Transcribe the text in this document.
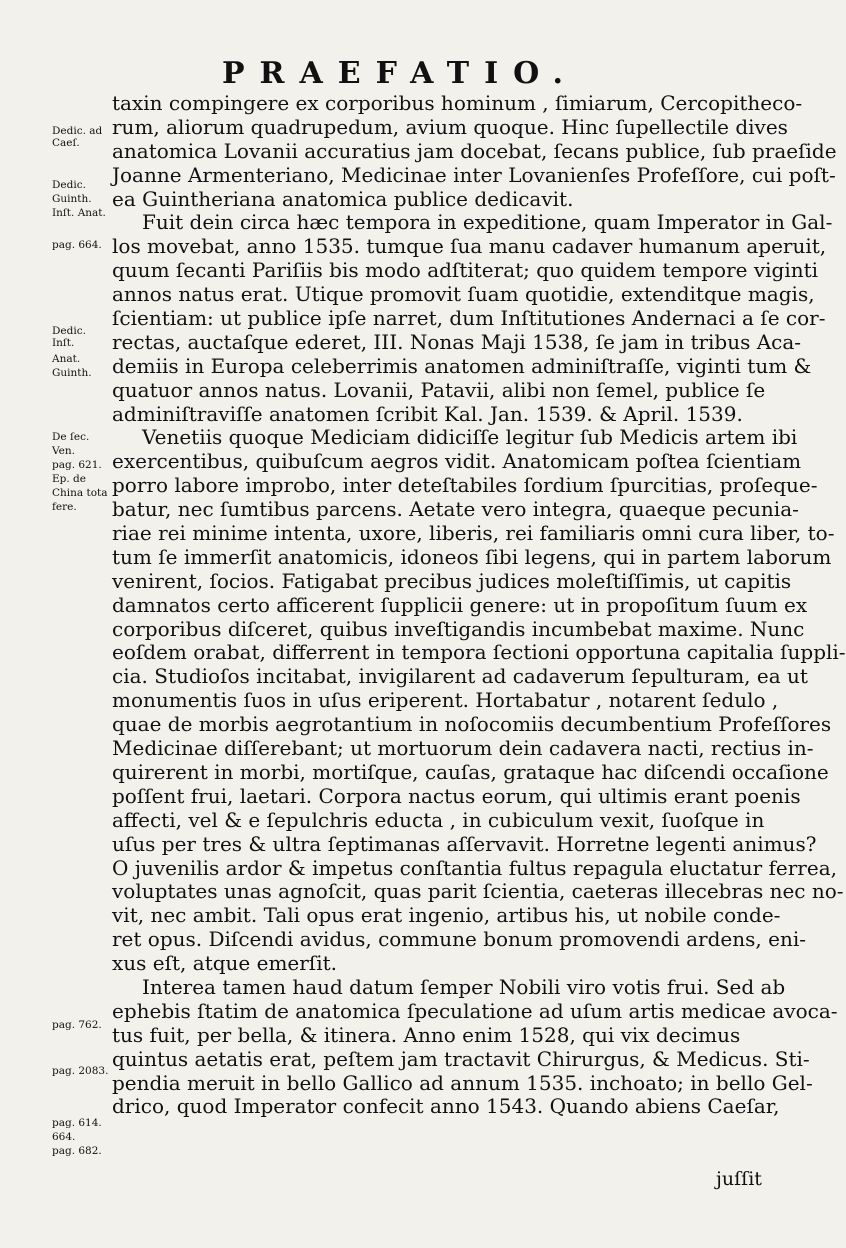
PRAEFATIO.
taxin compingere ex corporibus hominum , ſimiarum, Cercopitheco-
rum, aliorum quadrupedum, avium quoque. Hinc ſupellectile dives
anatomica Lovanii accuratius jam docebat, ſecans publice, ſub praeſide
Joanne Armenteriano, Medicinae inter Lovanienſes Profeſſore, cui poſt-
ea Guintheriana anatomica publice dedicavit.
Fuit dein circa hæc tempora in expeditione, quam Imperator in Gal-
los movebat, anno 1535. tumque ſua manu cadaver humanum aperuit,
quum ſecanti Pariſiis bis modo adſtiterat; quo quidem tempore viginti
annos natus erat. Utique promovit ſuam quotidie, extenditque magis,
ſcientiam: ut publice ipſe narret, dum Inſtitutiones Andernaci a ſe cor-
rectas, auctaſque ederet, III. Nonas Maji 1538, ſe jam in tribus Aca-
demiis in Europa celeberrimis anatomen adminiſtraſſe, viginti tum &
quatuor annos natus. Lovanii, Patavii, alibi non ſemel, publice ſe
adminiſtraviſſe anatomen ſcribit Kal. Jan. 1539. & April. 1539.
Venetiis quoque Mediciam didiciſſe legitur ſub Medicis artem ibi
exercentibus, quibuſcum aegros vidit. Anatomicam poſtea ſcientiam
porro labore improbo, inter deteſtabiles ſordium ſpurcitias, proſeque-
batur, nec ſumtibus parcens. Aetate vero integra, quaeque pecunia-
riae rei minime intenta, uxore, liberis, rei familiaris omni cura liber, to-
tum ſe immerſit anatomicis, idoneos ſibi legens, qui in partem laborum
venirent, ſocios. Fatigabat precibus judices moleſtiſſimis, ut capitis
damnatos certo afficerent ſupplicii genere: ut in propoſitum ſuum ex
corporibus diſceret, quibus inveſtigandis incumbebat maxime. Nunc
eoſdem orabat, differrent in tempora ſectioni opportuna capitalia ſuppli-
cia. Studioſos incitabat, invigilarent ad cadaverum ſepulturam, ea ut
monumentis ſuos in uſus eriperent. Hortabatur , notarent ſedulo ,
quae de morbis aegrotantium in noſocomiis decumbentium Profeſſores
Medicinae diſſerebant; ut mortuorum dein cadavera nacti, rectius in-
quirerent in morbi, mortiſque, cauſas, grataque hac diſcendi occaſione
poſſent frui, laetari. Corpora nactus eorum, qui ultimis erant poenis
affecti, vel & e ſepulchris educta , in cubiculum vexit, ſuoſque in
uſus per tres & ultra ſeptimanas aſſervavit. Horretne legenti animus?
O juvenilis ardor & impetus conſtantia fultus repagula eluctatur ferrea,
voluptates unas agnoſcit, quas parit ſcientia, caeteras illecebras nec no-
vit, nec ambit. Tali opus erat ingenio, artibus his, ut nobile conde-
ret opus. Diſcendi avidus, commune bonum promovendi ardens, eni-
xus eſt, atque emerſit.
Interea tamen haud datum ſemper Nobili viro votis frui. Sed ab
ephebis ſtatim de anatomica ſpeculatione ad uſum artis medicae avoca-
tus fuit, per bella, & itinera. Anno enim 1528, qui vix decimus
quintus aetatis erat, peſtem jam tractavit Chirurgus, & Medicus. Sti-
pendia meruit in bello Gallico ad annum 1535. inchoato; in bello Gel-
drico, quod Imperator confecit anno 1543. Quando abiens Caeſar,
Dedic. ad
Caeſ.
Dedic.
Guinth.
Inſt. Anat.
pag. 664.
Dedic.
Inſt.
Anat.
Guinth.
De ſec.
Ven.
pag. 621.
Ep. de
China tota
fere.
pag. 762.
pag. 2083.
pag. 614.
664.
pag. 682.
juſſit
